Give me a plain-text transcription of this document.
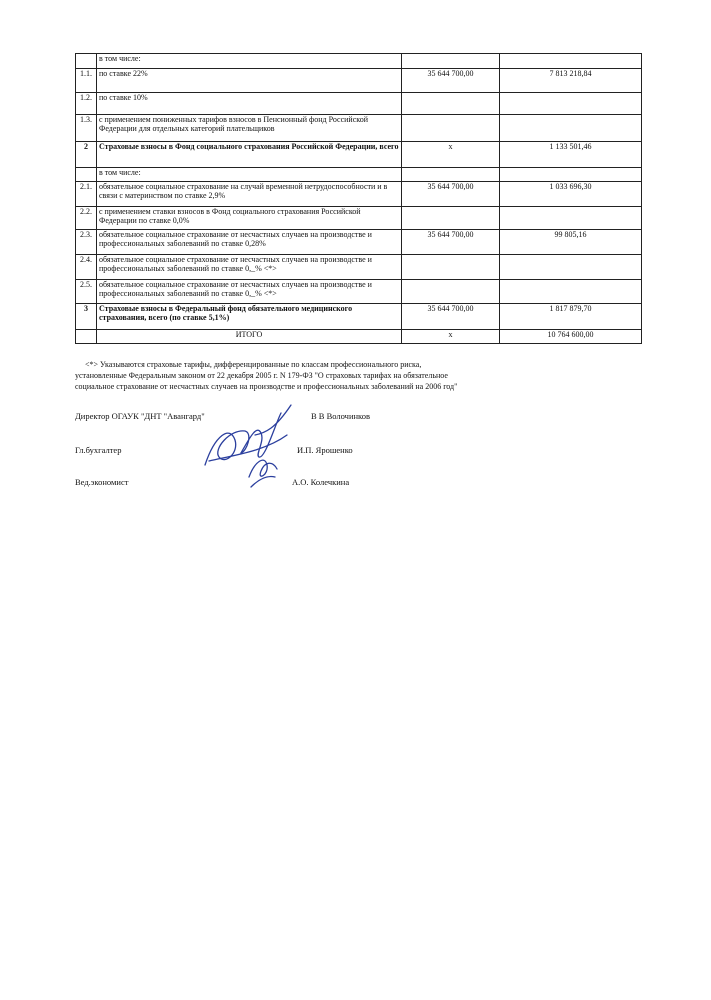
	в том числе:		
1.1.	по ставке 22%	35 644 700,00	7 813 218,84
1.2.	по ставке 10%		
1.3.	с применением пониженных тарифов взносов в Пенсионный фонд Российской Федерации для отдельных категорий плательщиков		
2	Страховые взносы в Фонд социального страхования Российской Федерации, всего	x	1 133 501,46
	в том числе:		
2.1.	обязательное социальное страхование на случай временной нетрудоспособности и в связи с материнством по ставке 2,9%	35 644 700,00	1 033 696,30
2.2.	с применением ставки взносов в Фонд социального страхования Российской Федерации по ставке 0,0%		
2.3.	обязательное социальное страхование от несчастных случаев на производстве и профессиональных заболеваний по ставке 0,28%	35 644 700,00	99 805,16
2.4.	обязательное социальное страхование от несчастных случаев на производстве и профессиональных заболеваний по ставке 0,_% <*>		
2.5.	обязательное социальное страхование от несчастных случаев на производстве и профессиональных заболеваний по ставке 0,_% <*>		
3	Страховые взносы в Федеральный фонд обязательного медицинского страхования, всего (по ставке 5,1%)	35 644 700,00	1 817 879,70
	ИТОГО	x	10 764 600,00

<*> Указываются страховые тарифы, дифференцированные по классам профессионального риска,

установленные Федеральным законом от 22 декабря 2005 г. N 179-ФЗ "О страховых тарифах на обязательное

социальное страхование от несчастных случаев на производстве и профессиональных заболеваний на 2006 год"

Директор ОГАУК "ДНТ "Авангард"	В В Волочинков
Гл.бухгалтер	И.П. Ярошенко
Вед.экономист	А.О. Колечкина
